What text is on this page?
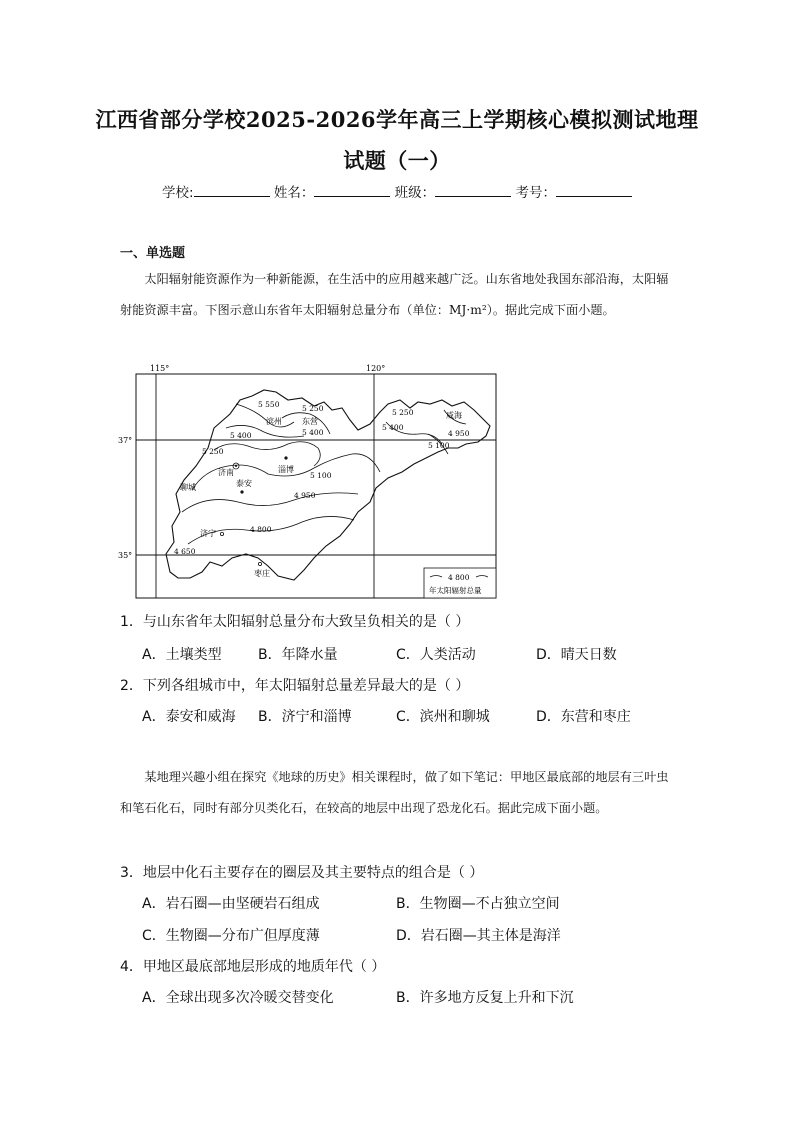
江西省部分学校2025-2026学年高三上学期核心模拟测试地理
试题（一）
学校:	姓名：	班级：	考号：
一、单选题
太阳辐射能资源作为一种新能源，在生活中的应用越来越广泛。山东省地处我国东部沿海，太阳辐射能资源丰富。下图示意山东省年太阳辐射总量分布（单位：MJ·m²）。据此完成下面小题。
115°	120°
37°
35°
5 550	5 250
5 400	5 400
5 250
5 400
4 950
5 100
5 250
5 100
4 950
4 800
4 650
滨州	东营
威海
淄博
济南
聊城	泰安
济宁
枣庄	4 800
年太阳辐射总量
1．与山东省年太阳辐射总量分布大致呈负相关的是（ ）
A．土壤类型	B．年降水量	C．人类活动	D．晴天日数
2．下列各组城市中，年太阳辐射总量差异最大的是（ ）
A．泰安和威海 B．济宁和淄博	C．滨州和聊城	D．东营和枣庄
某地理兴趣小组在探究《地球的历史》相关课程时，做了如下笔记：甲地区最底部的地层有三叶虫和笔石化石，同时有部分贝类化石，在较高的地层中出现了恐龙化石。据此完成下面小题。
3．地层中化石主要存在的圈层及其主要特点的组合是（ ）
A．岩石圈—由坚硬岩石组成	B．生物圈—不占独立空间
C．生物圈—分布广但厚度薄	D．岩石圈—其主体是海洋
4．甲地区最底部地层形成的地质年代（ ）
A．全球出现多次冷暖交替变化	B．许多地方反复上升和下沉
